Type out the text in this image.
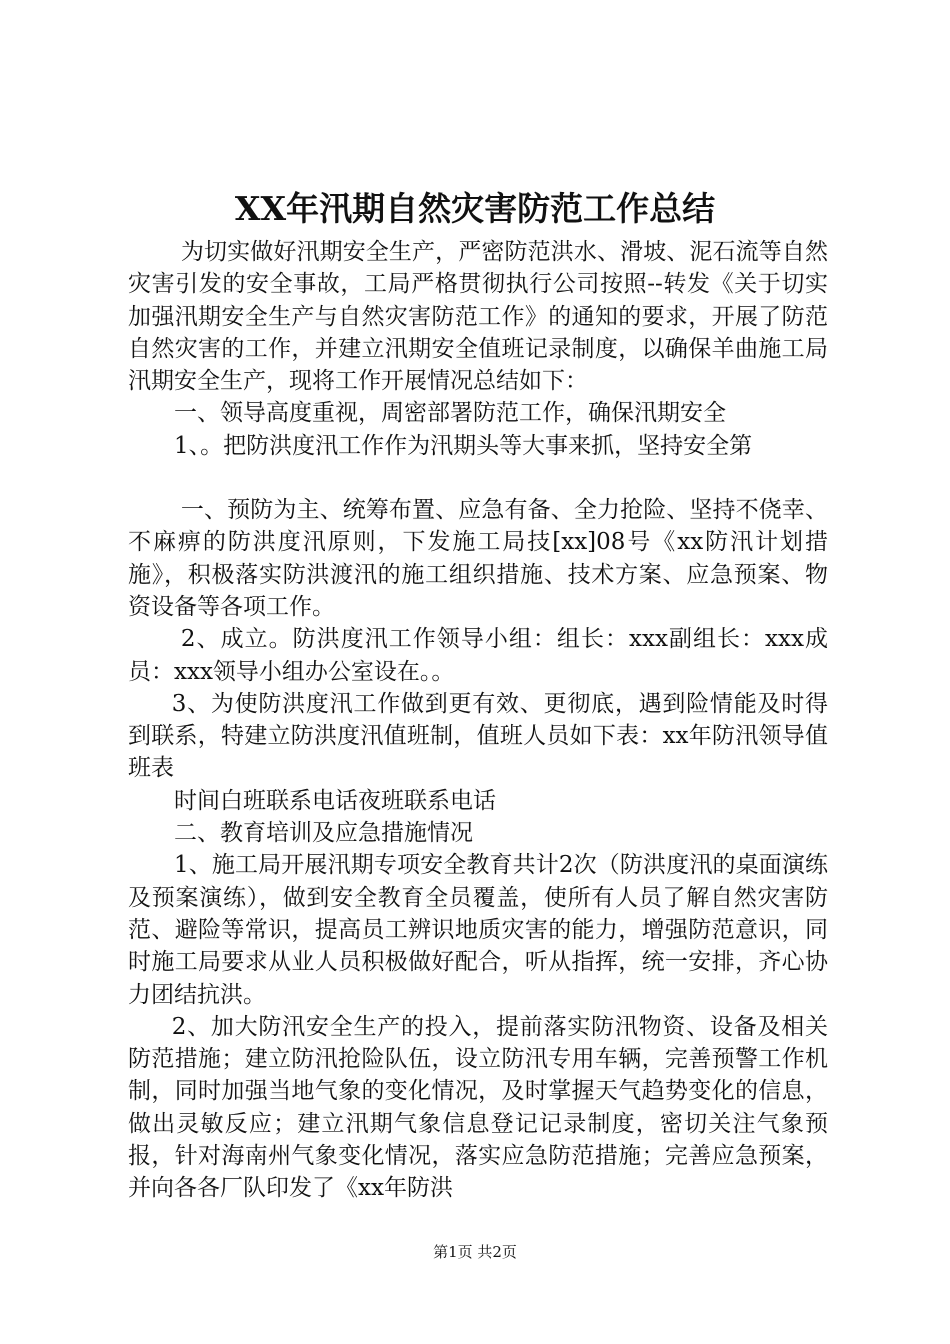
XX年汛期自然灾害防范工作总结

为切实做好汛期安全生产，严密防范洪水、滑坡、泥石流等自然灾害引发的安全事故，工局严格贯彻执行公司按照--转发《关于切实加强汛期安全生产与自然灾害防范工作》的通知的要求，开展了防范自然灾害的工作，并建立汛期安全值班记录制度，以确保羊曲施工局汛期安全生产，现将工作开展情况总结如下：

一、领导高度重视，周密部署防范工作，确保汛期安全

1、。把防洪度汛工作作为汛期头等大事来抓，坚持安全第

一、预防为主、统筹布置、应急有备、全力抢险、坚持不侥幸、不麻痹的防洪度汛原则，下发施工局技[xx]08号《xx防汛计划措施》，积极落实防洪渡汛的施工组织措施、技术方案、应急预案、物资设备等各项工作。

2、成立。防洪度汛工作领导小组：组长：xxx副组长：xxx成员：xxx领导小组办公室设在。。

3、为使防洪度汛工作做到更有效、更彻底，遇到险情能及时得到联系，特建立防洪度汛值班制，值班人员如下表：xx年防汛领导值班表

时间白班联系电话夜班联系电话

二、教育培训及应急措施情况

1、施工局开展汛期专项安全教育共计2次（防洪度汛的桌面演练及预案演练），做到安全教育全员覆盖，使所有人员了解自然灾害防范、避险等常识，提高员工辨识地质灾害的能力，增强防范意识，同时施工局要求从业人员积极做好配合，听从指挥，统一安排，齐心协力团结抗洪。

2、加大防汛安全生产的投入，提前落实防汛物资、设备及相关防范措施；建立防汛抢险队伍，设立防汛专用车辆，完善预警工作机制，同时加强当地气象的变化情况，及时掌握天气趋势变化的信息，做出灵敏反应；建立汛期气象信息登记记录制度，密切关注气象预报，针对海南州气象变化情况，落实应急防范措施；完善应急预案，并向各各厂队印发了《xx年防洪

第1页 共2页
